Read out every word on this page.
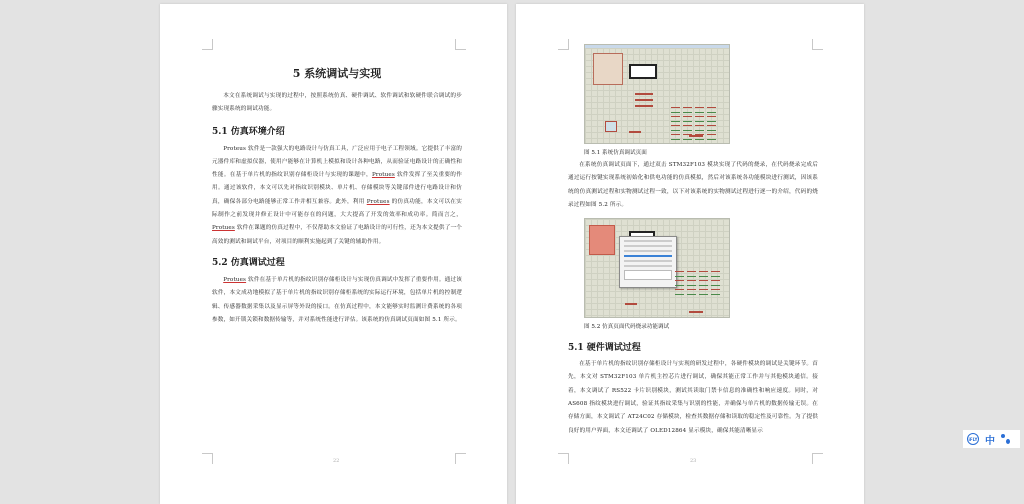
5 系统调试与实现

本文在系统调试与实现的过程中，按照系统仿真、硬件调试、软件调试和软硬件联合调试的步骤实现系统的调试功能。

5.1 仿真环境介绍

Proteus 软件是一款强大的电路设计与仿真工具，广泛应用于电子工程领域。它提供了丰富的元器件库和虚拟仪器，使用户能够在计算机上模拟和设计各种电路，从而验证电路设计的正确性和性能。在基于单片机的指纹识别存储柜设计与实现的课题中，Protues 软件发挥了至关重要的作用。通过该软件，本文可以先对指纹识别模块、单片机、存储模块等关键部件进行电路设计和仿真，确保各部分电路能够正常工作并相互兼容。此外，利用 Protues 的仿真功能，本文可以在实际制作之前发现并修正设计中可能存在的问题，大大提高了开发的效率和成功率。简而言之，Protues 软件在课题的仿真过程中，不仅帮助本文验证了电路设计的可行性，还为本文提供了一个高效的测试和调试平台，对项目的顺利实施起到了关键的辅助作用。

5.2 仿真调试过程

Protues 软件在基于单片机的指纹识别存储柜设计与实现仿真调试中发挥了重要作用。通过该软件，本文成功地模拟了基于单片机的指纹识别存储柜系统的实际运行环境，包括单片机的控制逻辑、传感器数据采集以及显示屏等外设的接口。在仿真过程中，本文能够实时监测计费系统的各项参数，如开锁关锁和数据传输等，并对系统性能进行评估。该系统的仿真调试页面如图 5.1 所示。

22

图 5.1 系统仿真调试页面

在系统仿真调试页面下，通过双击 STM32F103 模块实现了代码的烧录，在代码烧录完成后通过运行按键实现系统初始化和供电功能的仿真模拟，然后对该系统各功能模块进行测试，因该系统的仿真测试过程和实物测试过程一致，以下对该系统的实物测试过程进行逐一的介绍，代码的烧录过程如图 5.2 所示。

图 5.2 仿真页面代码烧录功能调试

5.1 硬件调试过程

在基于单片机的指纹识别存储柜设计与实现的研发过程中，各硬件模块的调试是关键环节。首先，本文对 STM32F103 单片机主控芯片进行调试，确保其能正常工作并与其他模块通信。接着，本文调试了 RS522 卡片识别模块，测试其读取门禁卡信息的准确性和响应速度。同时，对 AS608 指纹模块进行调试，验证其指纹采集与识别的性能，并确保与单片机的数据传输无误。在存储方面，本文调试了 AT24C02 存储模块，检查其数据存储和读取的稳定性及可靠性。为了提供良好的用户界面，本文还调试了 OLED12864 显示模块，确保其能清晰显示

23
iFLY 中
